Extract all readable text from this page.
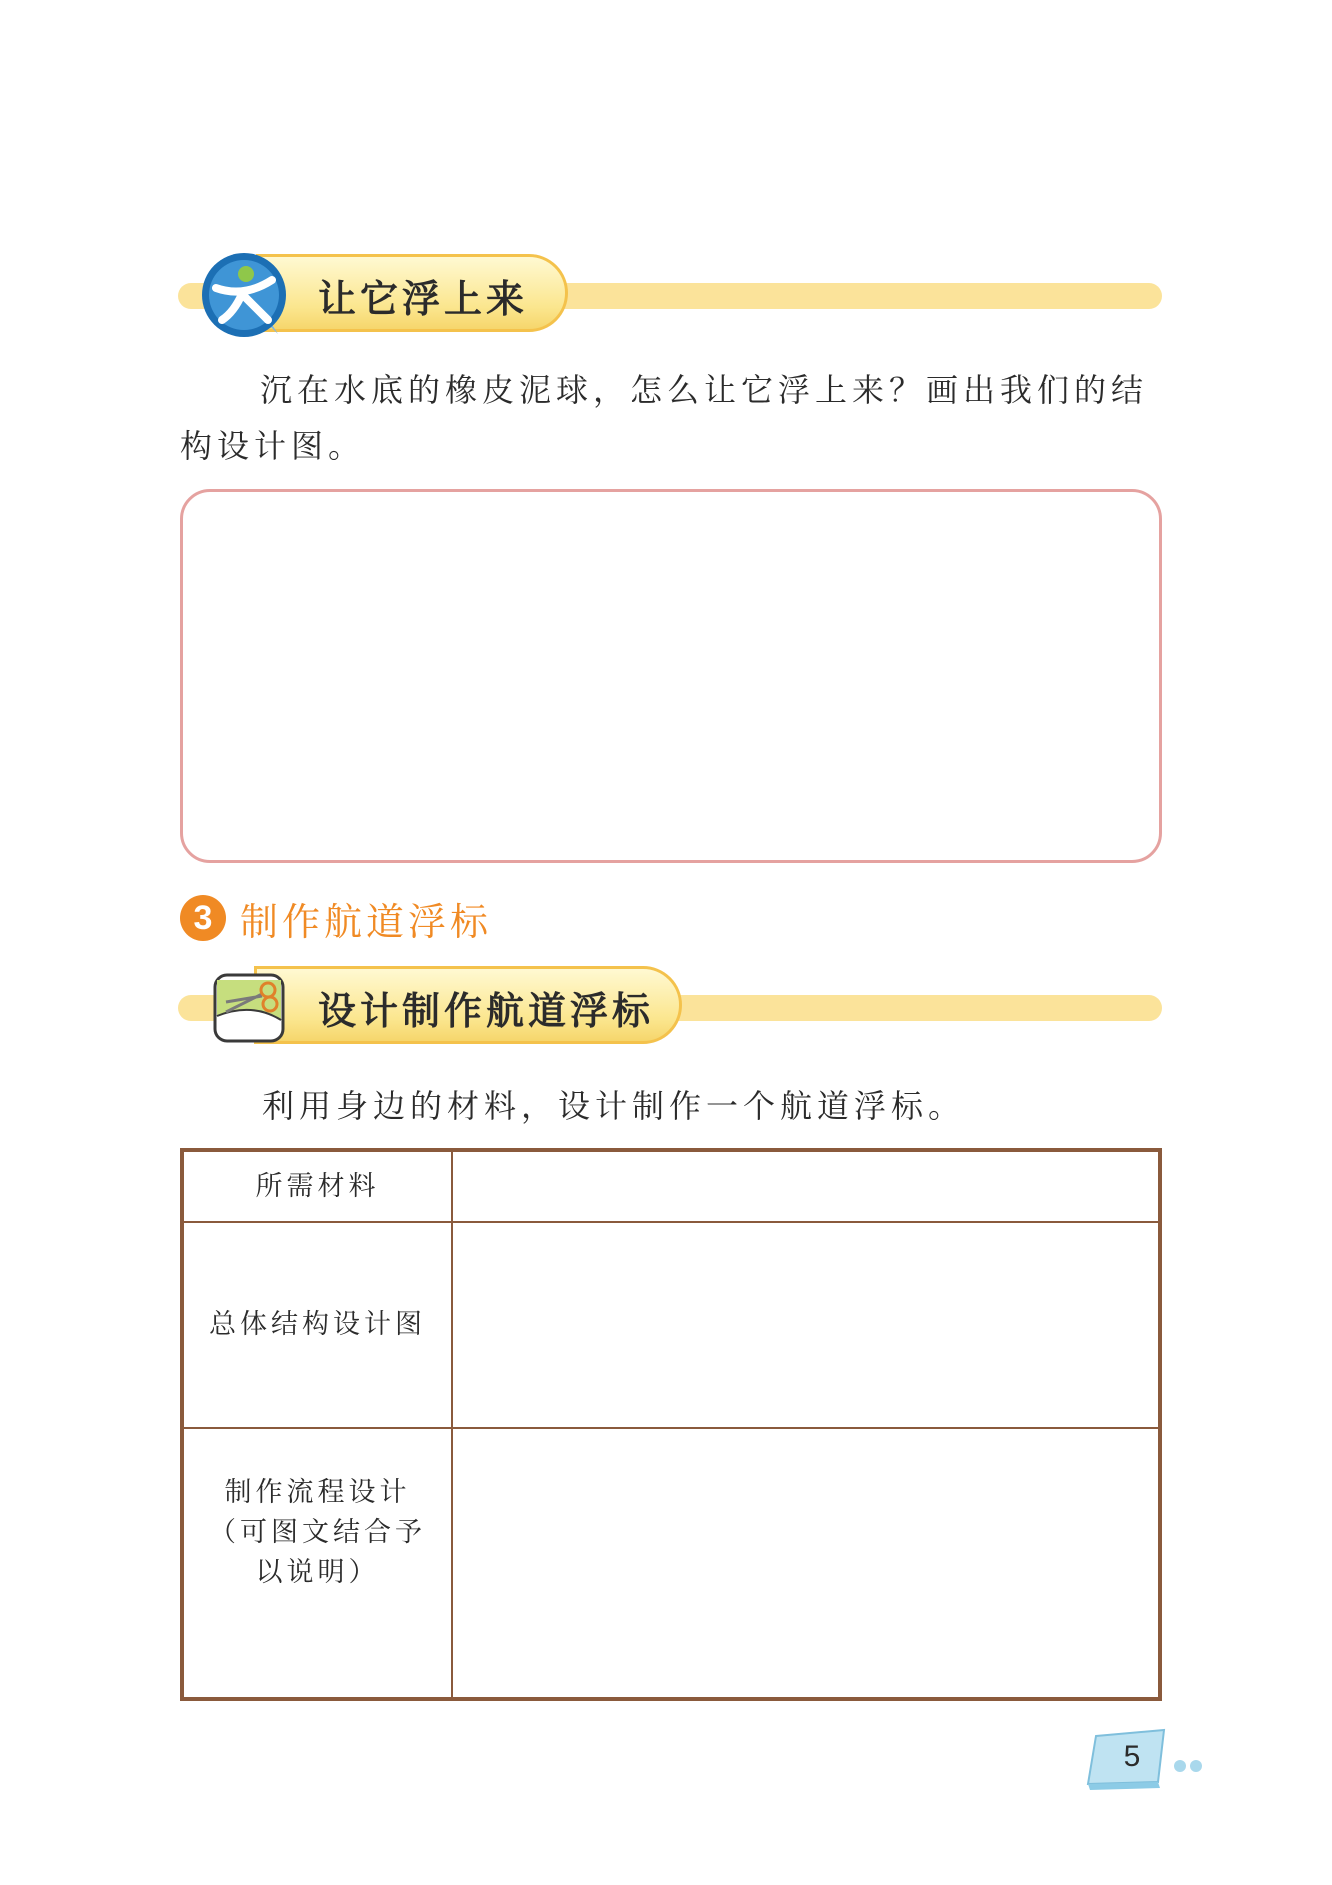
让它浮上来
沉在水底的橡皮泥球，怎么让它浮上来？画出我们的结构设计图。
3 制作航道浮标
设计制作航道浮标
利用身边的材料，设计制作一个航道浮标。
所需材料	
总体结构设计图	
制作流程设计（可图文结合予以说明）	
5
